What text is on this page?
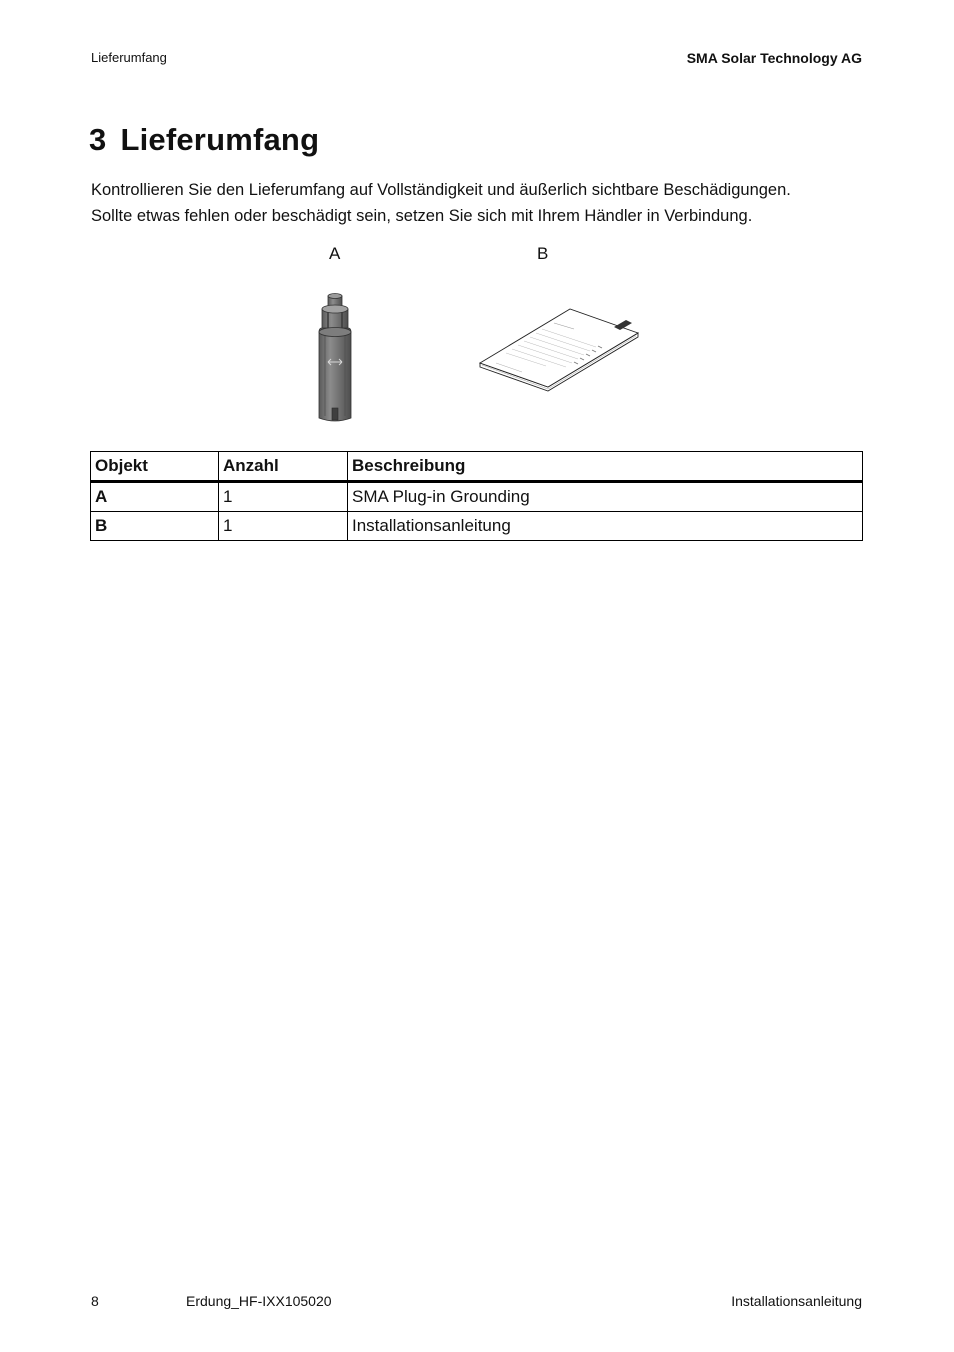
Lieferumfang	SMA Solar Technology AG
3 Lieferumfang

Kontrollieren Sie den Lieferumfang auf Vollständigkeit und äußerlich sichtbare Beschädigungen.
Sollte etwas fehlen oder beschädigt sein, setzen Sie sich mit Ihrem Händler in Verbindung.

A	B
Objekt	Anzahl	Beschreibung
A	1	SMA Plug-in Grounding
B	1	Installationsanleitung
8	Erdung_HF-IXX105020	Installationsanleitung
